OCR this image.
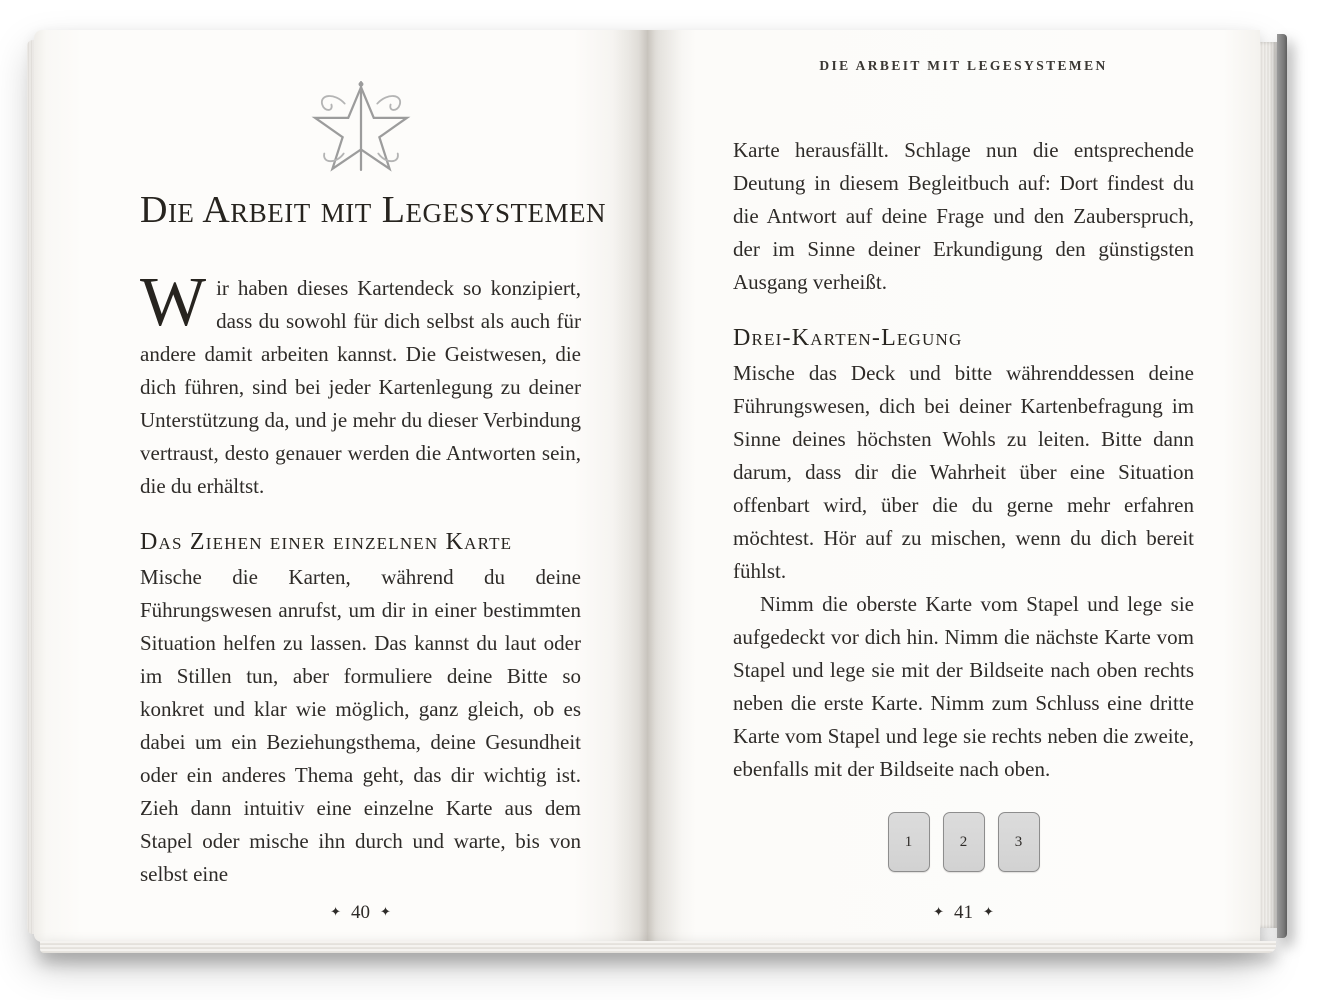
Die Arbeit mit Legesystemen

Wir haben dieses Kartendeck so konzipiert, dass du sowohl für dich selbst als auch für andere damit arbeiten kannst. Die Geistwesen, die dich führen, sind bei jeder Kartenlegung zu deiner Unterstützung da, und je mehr du dieser Verbindung vertraust, desto genauer werden die Antworten sein, die du erhältst.

Das Ziehen einer einzelnen Karte

Mische die Karten, während du deine Führungswesen anrufst, um dir in einer bestimmten Situation helfen zu lassen. Das kannst du laut oder im Stillen tun, aber formuliere deine Bitte so konkret und klar wie möglich, ganz gleich, ob es dabei um ein Beziehungsthema, deine Gesundheit oder ein anderes Thema geht, das dir wichtig ist. Zieh dann intuitiv eine einzelne Karte aus dem Stapel oder mische ihn durch und warte, bis von selbst eine

✦ 40 ✦
DIE ARBEIT MIT LEGESYSTEMEN

Karte herausfällt. Schlage nun die entsprechende Deutung in diesem Begleitbuch auf: Dort findest du die Antwort auf deine Frage und den Zauberspruch, der im Sinne deiner Erkundigung den günstigsten Ausgang verheißt.

Drei-Karten-Legung

Mische das Deck und bitte währenddessen deine Führungswesen, dich bei deiner Kartenbefragung im Sinne deines höchsten Wohls zu leiten. Bitte dann darum, dass dir die Wahrheit über eine Situation offenbart wird, über die du gerne mehr erfahren möchtest. Hör auf zu mischen, wenn du dich bereit fühlst.

Nimm die oberste Karte vom Stapel und lege sie aufgedeckt vor dich hin. Nimm die nächste Karte vom Stapel und lege sie mit der Bildseite nach oben rechts neben die erste Karte. Nimm zum Schluss eine dritte Karte vom Stapel und lege sie rechts neben die zweite, ebenfalls mit der Bildseite nach oben.

1	2	3
✦ 41 ✦
